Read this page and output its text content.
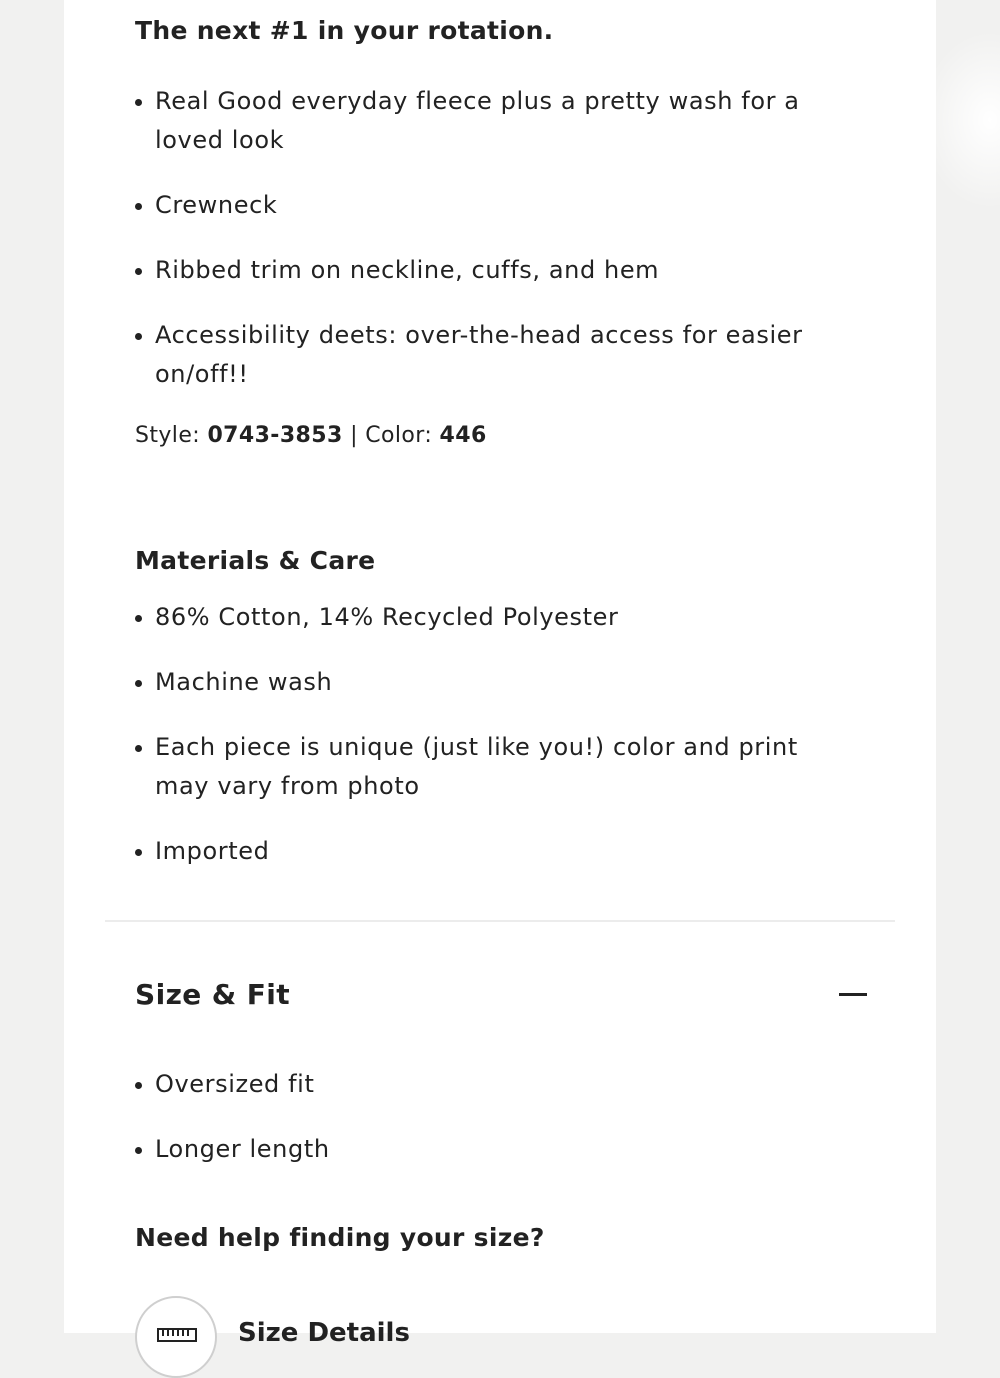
The next #1 in your rotation.
Real Good everyday fleece plus a pretty wash for a loved look
Crewneck
Ribbed trim on neckline, cuffs, and hem
Accessibility deets: over-the-head access for easier on/off!!

Style: 0743-3853 | Color: 446

Materials & Care
86% Cotton, 14% Recycled Polyester
Machine wash
Each piece is unique (just like you!) color and print may vary from photo
Imported
Size & Fit
Oversized fit
Longer length
Need help finding your size?
Size Details
